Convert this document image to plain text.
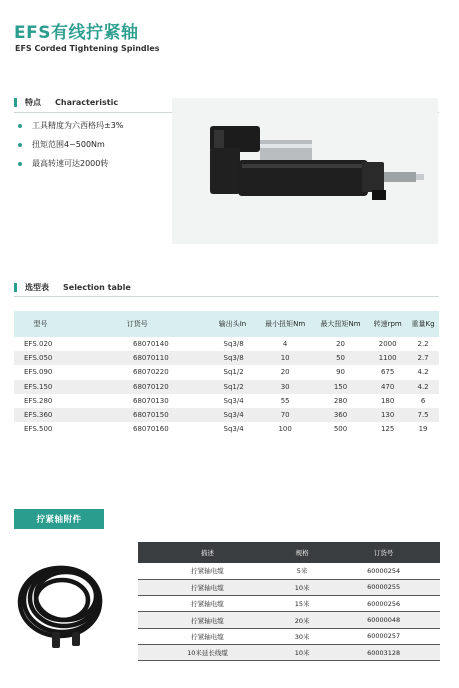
EFS有线拧紧轴
EFS Corded Tightening Spindles
特点 Characteristic
工具精度为六西格玛±3%
扭矩范围4~500Nm
最高转速可达2000转
选型表 Selection table
型号	订货号	输出头In	最小扭矩Nm	最大扭矩Nm	转速rpm	重量Kg
EFS.020	68070140	Sq3/8	4	20	2000	2.2
EFS.050	68070110	Sq3/8	10	50	1100	2.7
EFS.090	68070220	Sq1/2	20	90	675	4.2
EFS.150	68070120	Sq1/2	30	150	470	4.2
EFS.280	68070130	Sq3/4	55	280	180	6
EFS.360	68070150	Sq3/4	70	360	130	7.5
EFS.500	68070160	Sq3/4	100	500	125	19
拧紧轴附件
描述	规格	订货号
拧紧轴电缆	5米	60000254
拧紧轴电缆	10米	60000255
拧紧轴电缆	15米	60000256
拧紧轴电缆	20米	60000048
拧紧轴电缆	30米	60000257
10米延长线缆	10米	60003128
